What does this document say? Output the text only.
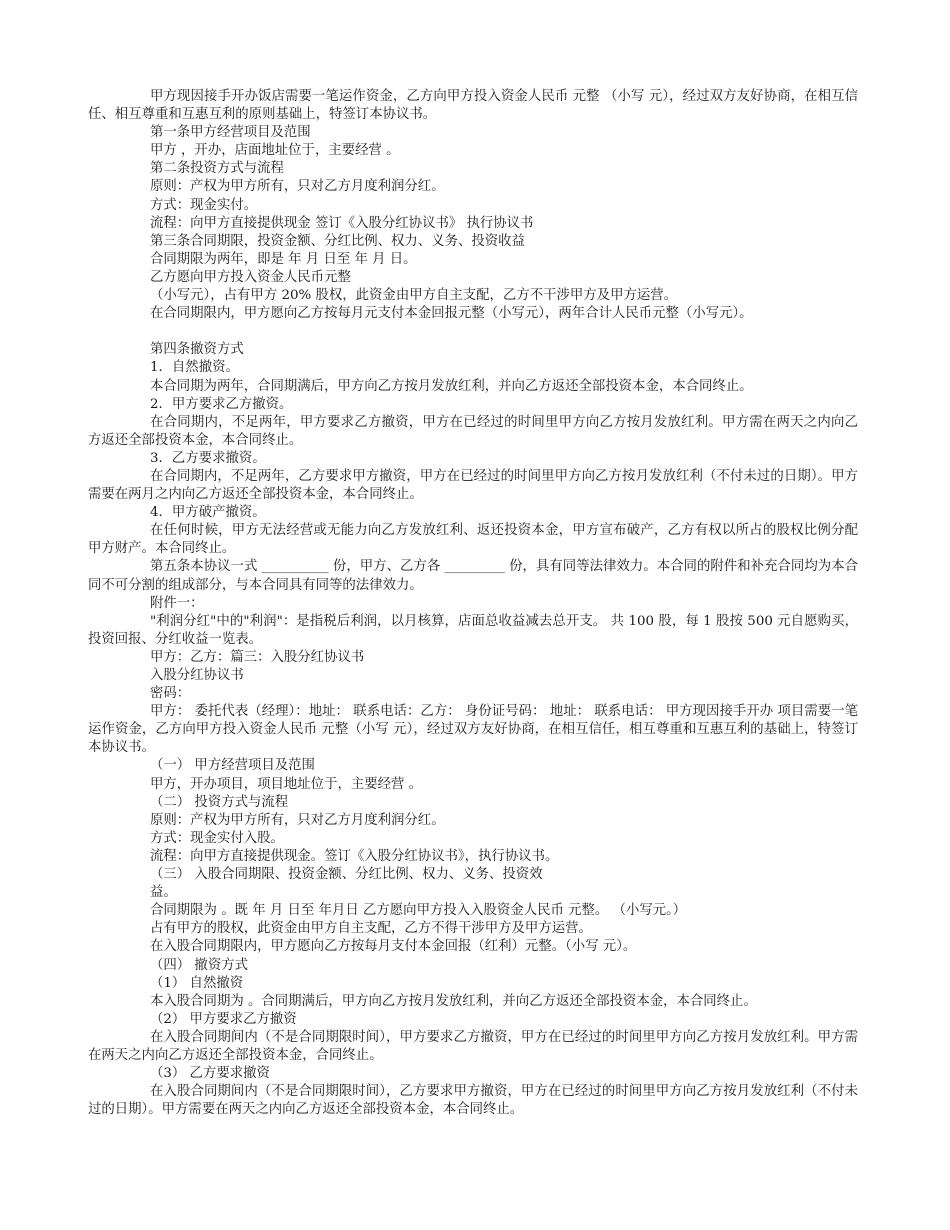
甲方现因接手开办饭店需要一笔运作资金，乙方向甲方投入资金人民币 元整 （小写 元），经过双方友好协商，在相互信任、相互尊重和互惠互利的原则基础上，特签订本协议书。

第一条甲方经营项目及范围

甲方 ，开办，店面地址位于，主要经营 。

第二条投资方式与流程

原则：产权为甲方所有，只对乙方月度利润分红。

方式：现金实付。

流程：向甲方直接提供现金 签订《入股分红协议书》 执行协议书

第三条合同期限，投资金额、分红比例、权力、义务、投资收益

合同期限为两年，即是 年 月 日至 年 月 日。

乙方愿向甲方投入资金人民币元整

（小写元），占有甲方 20% 股权，此资金由甲方自主支配，乙方不干涉甲方及甲方运营。

在合同期限内，甲方愿向乙方按每月元支付本金回报元整（小写元），两年合计人民币元整（小写元）。

第四条撤资方式

1．自然撤资。

本合同期为两年，合同期满后，甲方向乙方按月发放红利，并向乙方返还全部投资本金，本合同终止。

2．甲方要求乙方撤资。

在合同期内，不足两年，甲方要求乙方撤资，甲方在已经过的时间里甲方向乙方按月发放红利。甲方需在两天之内向乙方返还全部投资本金，本合同终止。

3．乙方要求撤资。

在合同期内，不足两年，乙方要求甲方撤资，甲方在已经过的时间里甲方向乙方按月发放红利（不付未过的日期）。甲方需要在两月之内向乙方返还全部投资本金，本合同终止。

4．甲方破产撤资。

在任何时候，甲方无法经营或无能力向乙方发放红利、返还投资本金，甲方宣布破产，乙方有权以所占的股权比例分配甲方财产。本合同终止。

第五条本协议一式 __________ 份，甲方、乙方各 _________ 份，具有同等法律效力。本合同的附件和补充合同均为本合同不可分割的组成部分，与本合同具有同等的法律效力。

附件一：

"利润分红"中的"利润"：是指税后利润，以月核算，店面总收益减去总开支。 共 100 股，每 1 股按 500 元自愿购买，投资回报、分红收益一览表。

甲方：乙方：篇三：入股分红协议书

入股分红协议书

密码：

甲方： 委托代表（经理）：地址： 联系电话：乙方： 身份证号码： 地址： 联系电话： 甲方现因接手开办 项目需要一笔运作资金，乙方向甲方投入资金人民币 元整（小写 元），经过双方友好协商，在相互信任，相互尊重和互惠互利的基础上，特签订本协议书。

（一） 甲方经营项目及范围

甲方，开办项目，项目地址位于，主要经营 。

（二） 投资方式与流程

原则：产权为甲方所有，只对乙方月度利润分红。

方式：现金实付入股。

流程：向甲方直接提供现金。签订《入股分红协议书》，执行协议书。

（三） 入股合同期限、投资金额、分红比例、权力、义务、投资效

益。

合同期限为 。既 年 月 日至 年月日 乙方愿向甲方投入入股资金人民币 元整。 （小写元。）

占有甲方的股权，此资金由甲方自主支配，乙方不得干涉甲方及甲方运营。

在入股合同期限内，甲方愿向乙方按每月支付本金回报（红利）元整。（小写 元）。

（四） 撤资方式

（1） 自然撤资

本入股合同期为 。合同期满后，甲方向乙方按月发放红利，并向乙方返还全部投资本金，本合同终止。

（2） 甲方要求乙方撤资

在入股合同期间内（不是合同期限时间），甲方要求乙方撤资，甲方在已经过的时间里甲方向乙方按月发放红利。甲方需在两天之内向乙方返还全部投资本金，合同终止。

（3） 乙方要求撤资

在入股合同期间内（不是合同期限时间），乙方要求甲方撤资，甲方在已经过的时间里甲方向乙方按月发放红利（不付未过的日期）。甲方需要在两天之内向乙方返还全部投资本金，本合同终止。
